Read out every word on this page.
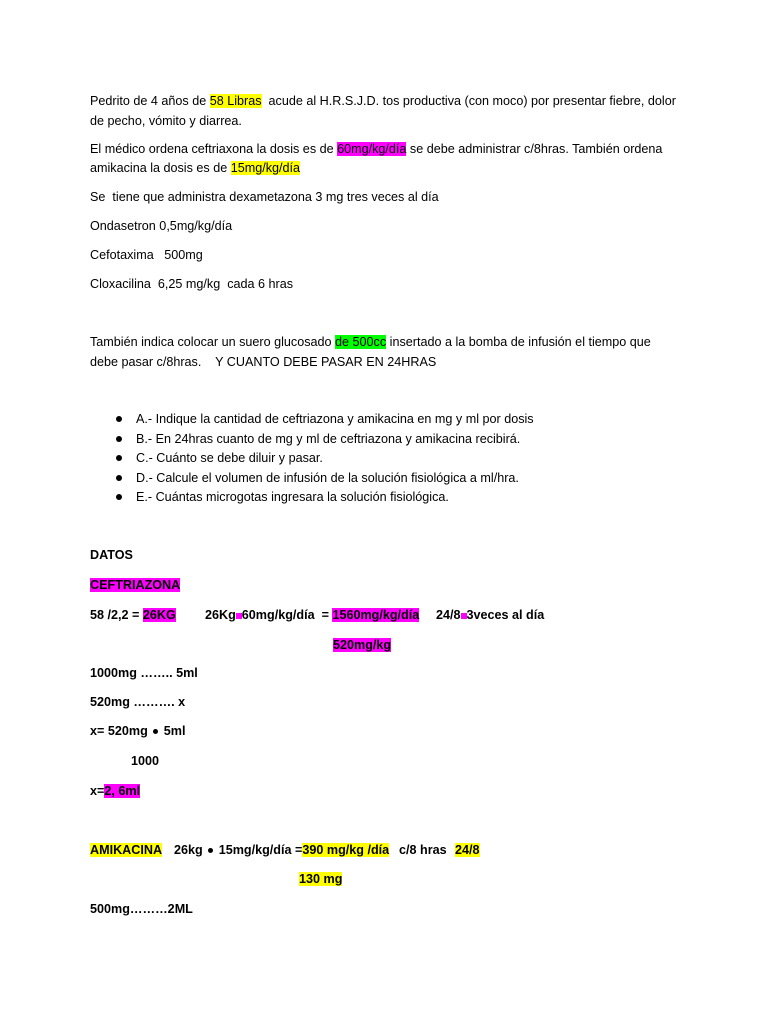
Pedrito de 4 años de 58 Libras  acude al H.R.S.J.D. tos productiva (con moco) por presentar fiebre, dolor
de pecho, vómito y diarrea.
El médico ordena ceftriaxona la dosis es de 60mg/kg/día se debe administrar c/8hras. También ordena
amikacina la dosis es de 15mg/kg/día
Se  tiene que administra dexametazona 3 mg tres veces al día
Ondasetron 0,5mg/kg/día
Cefotaxima   500mg
Cloxacilina  6,25 mg/kg  cada 6 hras
También indica colocar un suero glucosado de 500cc insertado a la bomba de infusión el tiempo que
debe pasar c/8hras.    Y CUANTO DEBE PASAR EN 24HRAS
A.- Indique la cantidad de ceftriazona y amikacina en mg y ml por dosis
B.- En 24hras cuanto de mg y ml de ceftriazona y amikacina recibirá.
C.- Cuánto se debe diluir y pasar.
D.- Calcule el volumen de infusión de la solución fisiológica a ml/hra.
E.- Cuántas microgotas ingresara la solución fisiológica.
DATOS
CEFTRIAZONA
58 /2,2 = 26KG 26Kg 60mg/kg/día  = 1560mg/kg/día 24/8 3veces al día
520mg/kg
1000mg …….. 5ml
520mg ………. x
x= 520mg  5ml
1000
x=2, 6ml
AMIKACINA 26kg  15mg/kg/día =390 mg/kg /día c/8 hras 24/8
130 mg
500mg………2ML
